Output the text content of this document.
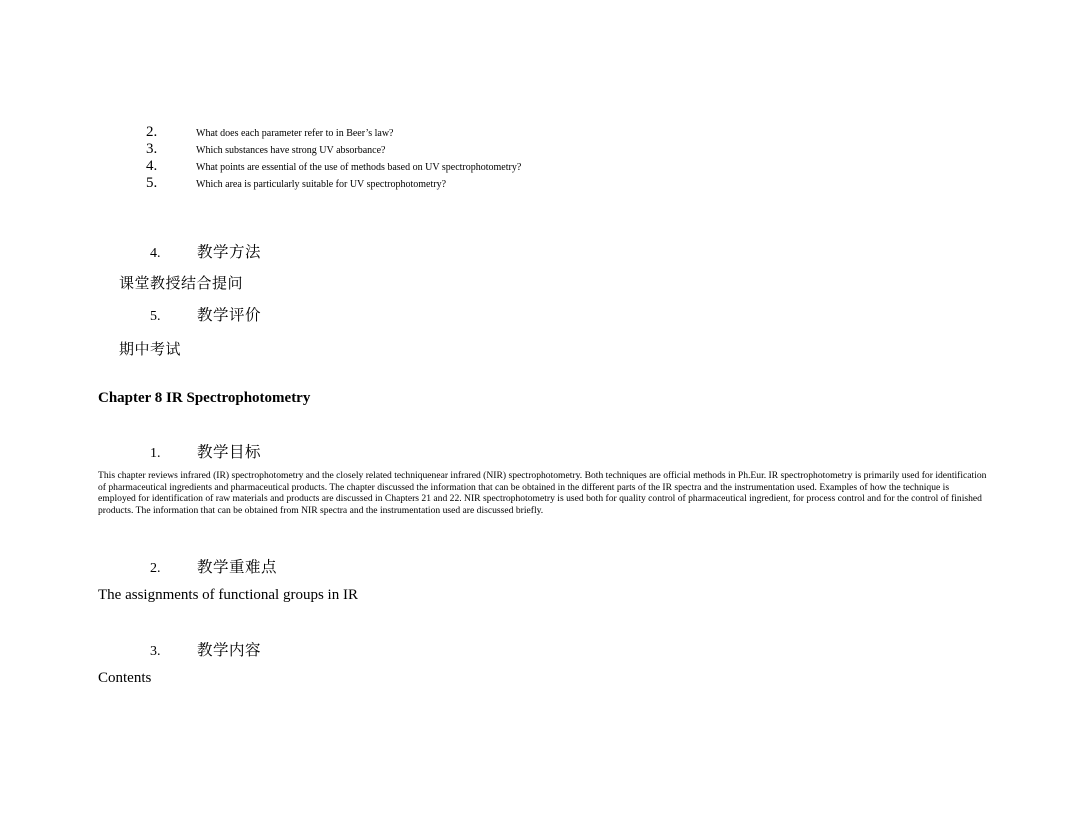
2.	What does each parameter refer to in Beer’s law?
3.	Which substances have strong UV absorbance?
4.	What points are essential of the use of methods based on UV spectrophotometry?
5.	Which area is particularly suitable for UV spectrophotometry?
4.	教学方法
课堂教授结合提问
5.	教学评价
期中考试
Chapter 8 IR Spectrophotometry
1.	教学目标

This chapter reviews infrared (IR) spectrophotometry and the closely related techniquenear infrared (NIR) spectrophotometry. Both techniques are official methods in Ph.Eur. IR spectrophotometry is primarily used for identification of pharmaceutical ingredients and pharmaceutical products. The chapter discussed the information that can be obtained in the different parts of the IR spectra and the instrumentation used. Examples of how the technique is employed for identification of raw materials and products are discussed in Chapters 21 and 22. NIR spectrophotometry is used both for quality control of pharmaceutical ingredient, for process control and for the control of finished products. The information that can be obtained from NIR spectra and the instrumentation used are discussed briefly.

2.	教学重难点
The assignments of functional groups in IR
3.	教学内容
Contents
